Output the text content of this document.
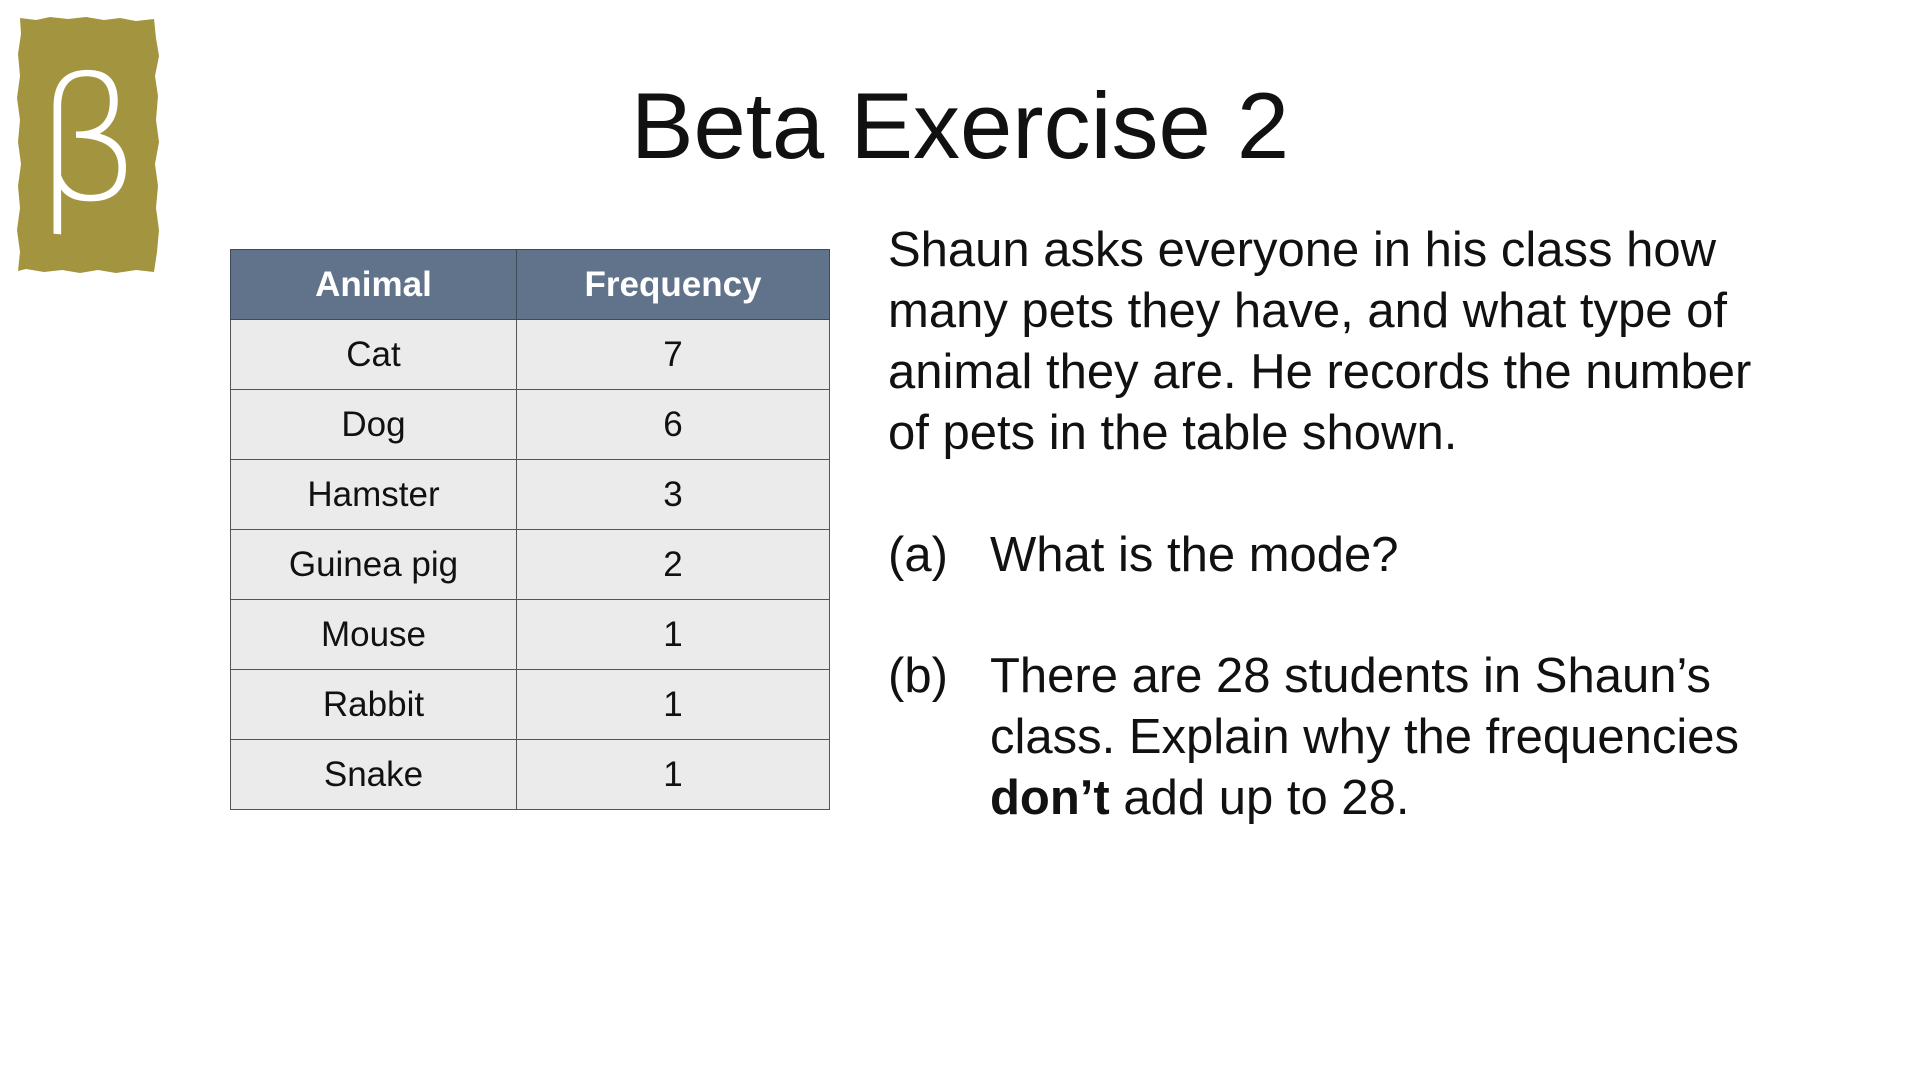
β	Beta Exercise 2
Animal	Frequency
Cat	7
Dog	6
Hamster	3
Guinea pig	2
Mouse	1
Rabbit	1
Snake	1

Shaun asks everyone in his class how many pets they have, and what type of animal they are. He records the number of pets in the table shown.

(a) What is the mode?
(b) There are 28 students in Shaun’s class. Explain why the frequencies don’t add up to 28.
